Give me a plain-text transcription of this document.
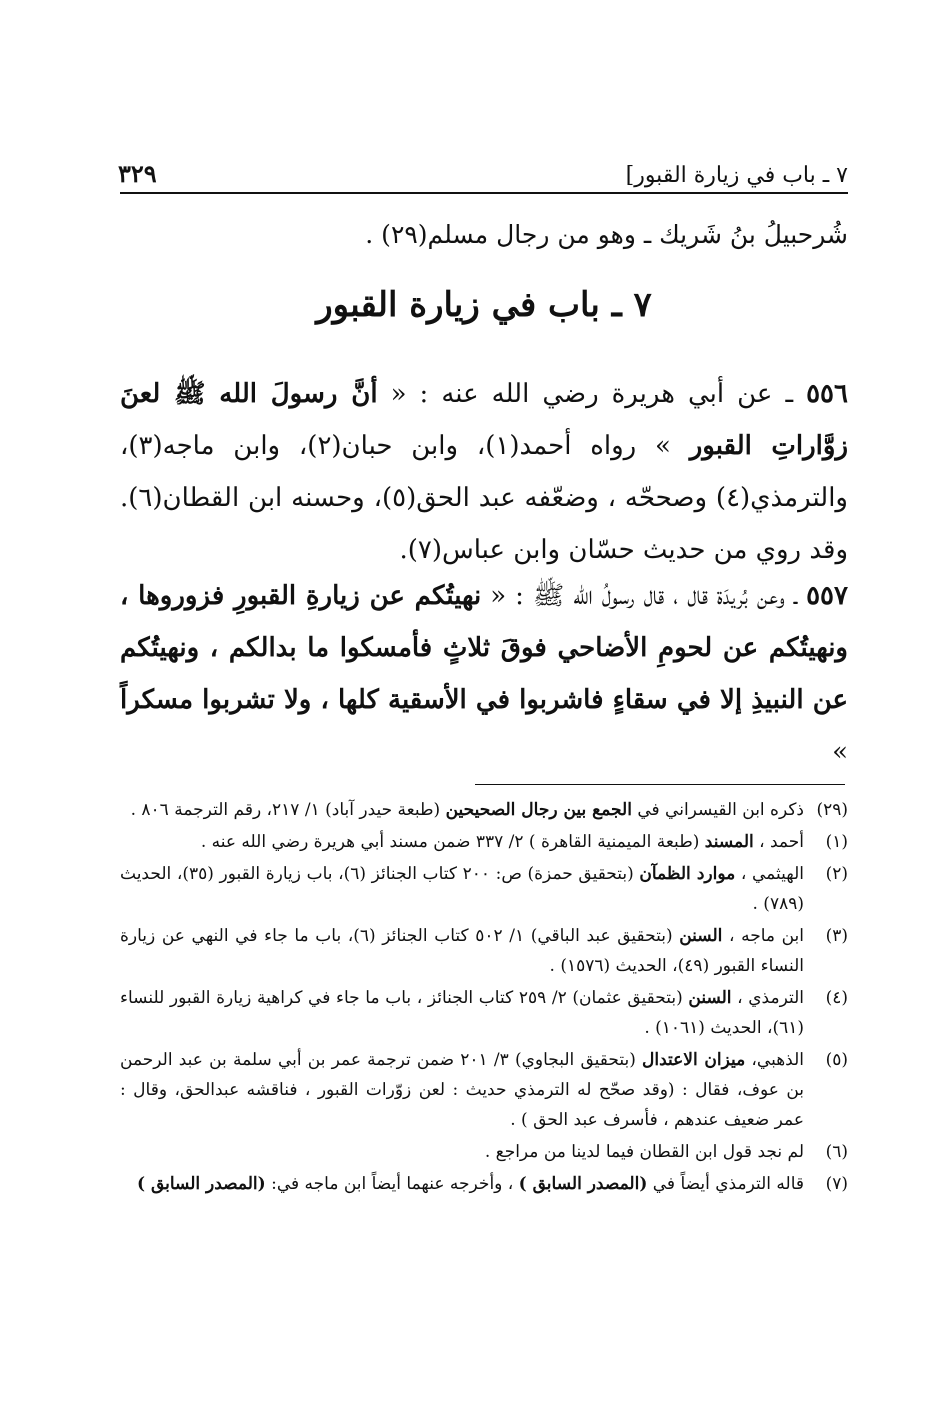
٣٢٩	٧ ـ باب في زيارة القبور]
شُرحبيلُ بنُ شَريك ـ وهو من رجال مسلم(٢٩) .
٧ ـ باب في زيارة القبور
٥٥٦ ـ عن أبي هريرة رضي الله عنه : « أنَّ رسولَ الله ﷺ لعنَ زوَّاراتِ القبور » رواه أحمد(١)، وابن حبان(٢)، وابن ماجه(٣)، والترمذي(٤) وصححّه ، وضعّفه عبد الحق(٥)، وحسنه ابن القطان(٦). وقد روي من حديث حسّان وابن عباس(٧).
٥٥٧ ـ وعن بُريدَة قال ، قال رسولُ الله ﷺ : « نهيتُكم عن زيارةِ القبورِ فزوروها ، ونهيتُكم عن لحومِ الأضاحي فوقَ ثلاثٍ فأمسكوا ما بدالكم ، ونهيتُكم عن النبيذِ إلا في سقاءٍ فاشربوا في الأسقية كلها ، ولا تشربوا مسكراً »
(٢٩)
ذكره ابن القيسراني في الجمع بين رجال الصحيحين (طبعة حيدر آباد) ١/ ٢١٧، رقم الترجمة ٨٠٦ .
(١)
أحمد ، المسند (طبعة الميمنية القاهرة ) ٢/ ٣٣٧ ضمن مسند أبي هريرة رضي الله عنه .
(٢)
الهيثمي ، موارد الظمآن (بتحقيق حمزة) ص: ٢٠٠ كتاب الجنائز (٦)، باب زيارة القبور (٣٥)، الحديث (٧٨٩) .
(٣)
ابن ماجه ، السنن (بتحقيق عبد الباقي) ١/ ٥٠٢ كتاب الجنائز (٦)، باب ما جاء في النهي عن زيارة النساء القبور (٤٩)، الحديث (١٥٧٦) .
(٤)
الترمذي ، السنن (بتحقيق عثمان) ٢/ ٢٥٩ كتاب الجنائز ، باب ما جاء في كراهية زيارة القبور للنساء (٦١)، الحديث (١٠٦١) .
(٥)
الذهبي، ميزان الاعتدال (بتحقيق البجاوي) ٣/ ٢٠١ ضمن ترجمة عمر بن أبي سلمة بن عبد الرحمن بن عوف، فقال : (وقد صحّح له الترمذي حديث : لعن زوّرات القبور ، فناقشه عبدالحق، وقال : عمر ضعيف عندهم ، فأسرف عبد الحق ) .
(٦)
لم نجد قول ابن القطان فيما لدينا من مراجع .
(٧)
قاله الترمذي أيضاً في (المصدر السابق ) ، وأخرجه عنهما أيضاً ابن ماجه في: (المصدر السابق )
